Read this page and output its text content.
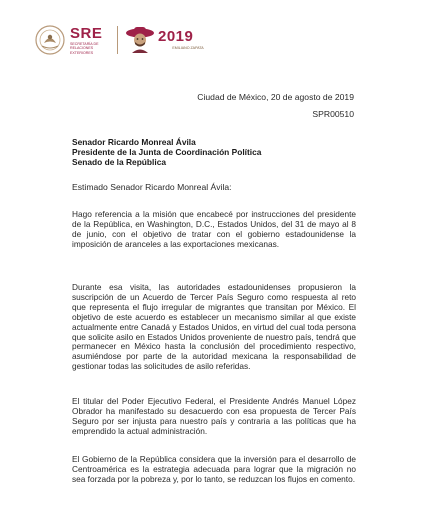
SRE
SECRETARÍA DE RELACIONES EXTERIORES
2019
EMILIANO ZAPATA
Ciudad de México, 20 de agosto de 2019
SPR00510
Senador Ricardo Monreal Ávila
Presidente de la Junta de Coordinación Política
Senado de la República
Estimado Senador Ricardo Monreal Ávila:
Hago referencia a la misión que encabecé por instrucciones del presidente de la República, en Washington, D.C., Estados Unidos, del 31 de mayo al 8 de junio, con el objetivo de tratar con el gobierno estadounidense la imposición de aranceles a las exportaciones mexicanas.
Durante esa visita, las autoridades estadounidenses propusieron la suscripción de un Acuerdo de Tercer País Seguro como respuesta al reto que representa el flujo irregular de migrantes que transitan por México. El objetivo de este acuerdo es establecer un mecanismo similar al que existe actualmente entre Canadá y Estados Unidos, en virtud del cual toda persona que solicite asilo en Estados Unidos proveniente de nuestro país, tendrá que permanecer en México hasta la conclusión del procedimiento respectivo, asumiéndose por parte de la autoridad mexicana la responsabilidad de gestionar todas las solicitudes de asilo referidas.
El titular del Poder Ejecutivo Federal, el Presidente Andrés Manuel López Obrador ha manifestado su desacuerdo con esa propuesta de Tercer País Seguro por ser injusta para nuestro país y contraria a las políticas que ha emprendido la actual administración.
El Gobierno de la República considera que la inversión para el desarrollo de Centroamérica es la estrategia adecuada para lograr que la migración no sea forzada por la pobreza y, por lo tanto, se reduzcan los flujos en comento.
